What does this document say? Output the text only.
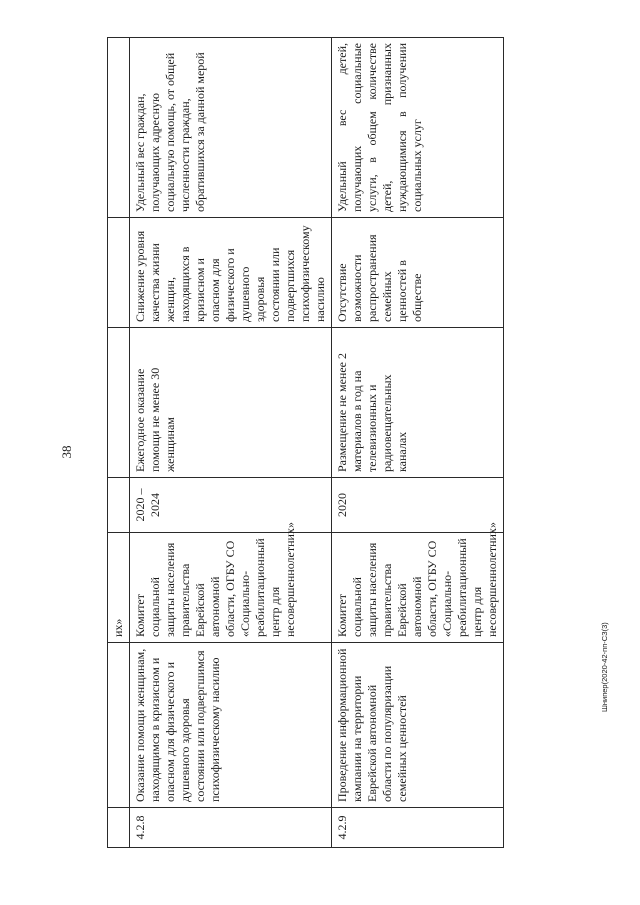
38
Шнипер(2020-42-пп-СЗ(3)
		их»				
4.2.8	Оказание помощи женщинам, находящимся в кризисном и опасном для физического и душевного здоровья состоянии или подвергшимся психофизическому насилию	Комитет социальной защиты населения правительства Еврейской автономной области, ОГБУ СО «Социально-реабилитационный центр для несовершеннолетних»	2020 – 2024	Ежегодное оказание помощи не менее 30 женщинам	Снижение уровня качества жизни женщин, находящихся в кризисном и опасном для физического и душевного здоровья состоянии или подвергшихся психофизическому насилию	Удельный вес граждан, получающих адресную социальную помощь, от общей численности граждан, обратившихся за данной мерой
4.2.9	Проведение информационной кампании на территории Еврейской автономной области по популяризации семейных ценностей	Комитет социальной защиты населения правительства Еврейской автономной области, ОГБУ СО «Социально-реабилитационный центр для несовершеннолетних»	2020	Размещение не менее 2 материалов в год на телевизионных и радиовещательных каналах	Отсутствие возможности распространения семейных ценностей в обществе	Удельный вес детей, получающих социальные услуги, в общем количестве детей, признанных нуждающимися в получении социальных услуг
